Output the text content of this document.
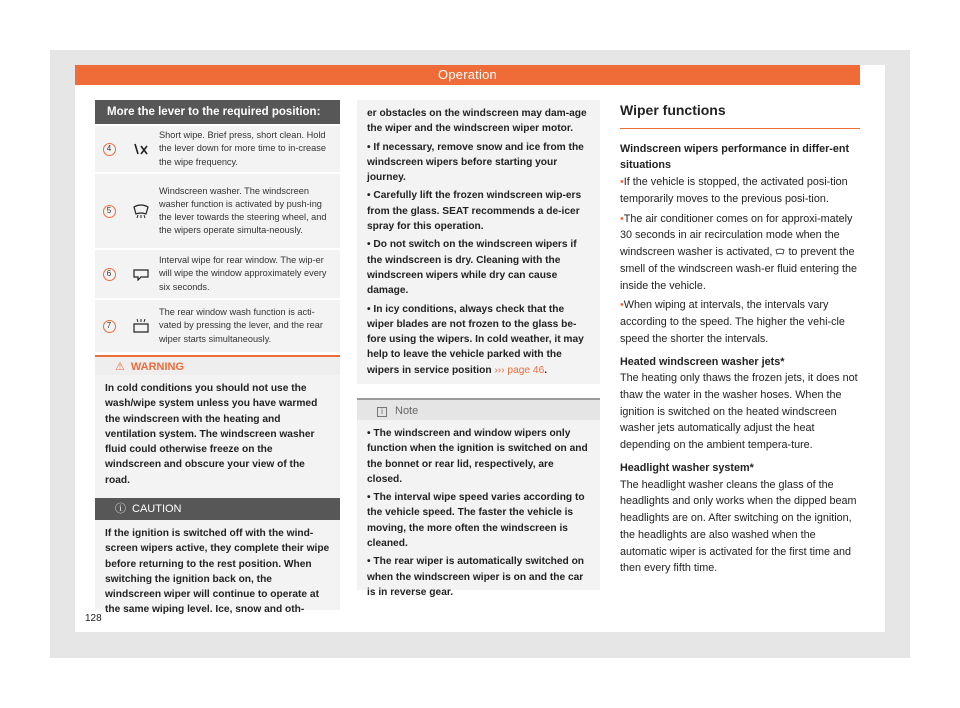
Operation
More the lever to the required position:
4
Short wipe. Brief press, short clean. Hold the lever down for more time to in-crease the wipe frequency.
5
Windscreen washer. The windscreen washer function is activated by push-ing the lever towards the steering wheel, and the wipers operate simulta-neously.
6
Interval wipe for rear window. The wip-er will wipe the window approximately every six seconds.
7
The rear window wash function is acti-vated by pressing the lever, and the rear wiper starts simultaneously.
⚠ WARNING
In cold conditions you should not use the wash/wipe system unless you have warmed the windscreen with the heating and ventilation system. The windscreen washer fluid could otherwise freeze on the windscreen and obscure your view of the road.
ⓘ CAUTION
If the ignition is switched off with the wind-screen wipers active, they complete their wipe before returning to the rest position. When switching the ignition back on, the windscreen wiper will continue to operate at the same wiping level. Ice, snow and oth-

er obstacles on the windscreen may dam-age the wiper and the windscreen wiper motor.

• If necessary, remove snow and ice from the windscreen wipers before starting your journey.

• Carefully lift the frozen windscreen wip-ers from the glass. SEAT recommends a de-icer spray for this operation.

• Do not switch on the windscreen wipers if the windscreen is dry. Cleaning with the windscreen wipers while dry can cause damage.

• In icy conditions, always check that the wiper blades are not frozen to the glass be-fore using the wipers. In cold weather, it may help to leave the vehicle parked with the wipers in service position ››› page 46.

i Note

• The windscreen and window wipers only function when the ignition is switched on and the bonnet or rear lid, respectively, are closed.

• The interval wipe speed varies according to the vehicle speed. The faster the vehicle is moving, the more often the windscreen is cleaned.

• The rear wiper is automatically switched on when the windscreen wiper is on and the car is in reverse gear.

Wiper functions
Windscreen wipers performance in differ-ent situations

• If the vehicle is stopped, the activated posi-tion temporarily moves to the previous posi-tion.

• The air conditioner comes on for approxi-mately 30 seconds in air recirculation mode when the windscreen washer is activated, to prevent the smell of the windscreen wash-er fluid entering the inside the vehicle.

• When wiping at intervals, the intervals vary according to the speed. The higher the vehi-cle speed the shorter the intervals.

Heated windscreen washer jets*

The heating only thaws the frozen jets, it does not thaw the water in the washer hoses. When the ignition is switched on the heated windscreen washer jets automatically adjust the heat depending on the ambient tempera-ture.

Headlight washer system*

The headlight washer cleans the glass of the headlights and only works when the dipped beam headlights are on. After switching on the ignition, the headlights are also washed when the automatic wiper is activated for the first time and then every fifth time.

128
